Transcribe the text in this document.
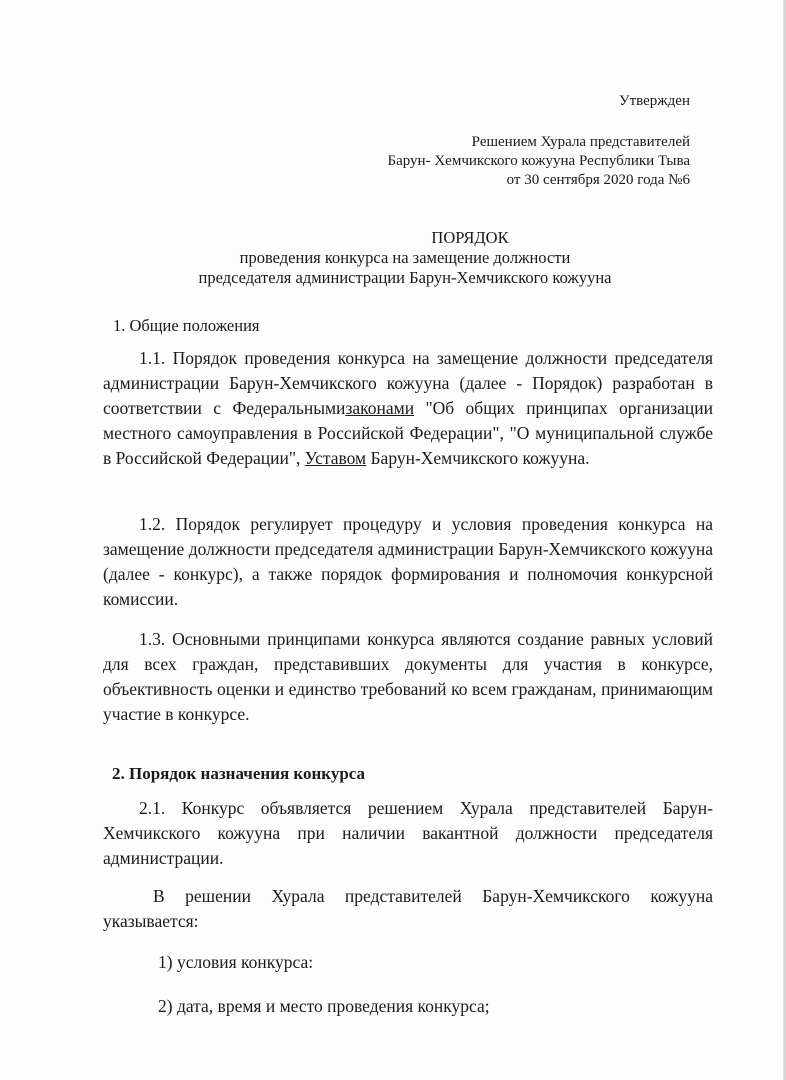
Утвержден
Решением Хурала представителей
Барун- Хемчикского кожууна Республики Тыва
от 30 сентября 2020 года №6
ПОРЯДОК
проведения конкурса на замещение должности
председателя администрации Барун-Хемчикского кожууна
1. Общие положения
1.1. Порядок проведения конкурса на замещение должности председателя администрации Барун-Хемчикского кожууна (далее - Порядок) разработан в соответствии с Федеральнымизаконами "Об общих принципах организации местного самоуправления в Российской Федерации", "О муниципальной службе в Российской Федерации", Уставом Барун-Хемчикского кожууна.
1.2. Порядок регулирует процедуру и условия проведения конкурса на замещение должности председателя администрации Барун-Хемчикского кожууна (далее - конкурс), а также порядок формирования и полномочия конкурсной комиссии.
1.3. Основными принципами конкурса являются создание равных условий для всех граждан, представивших документы для участия в конкурсе, объективность оценки и единство требований ко всем гражданам, принимающим участие в конкурсе.
2. Порядок назначения конкурса
2.1. Конкурс объявляется решением Хурала представителей Барун-Хемчикского кожууна при наличии вакантной должности председателя администрации.
В решении Хурала представителей Барун-Хемчикского кожууна указывается:
1) условия конкурса:
2) дата, время и место проведения конкурса;
